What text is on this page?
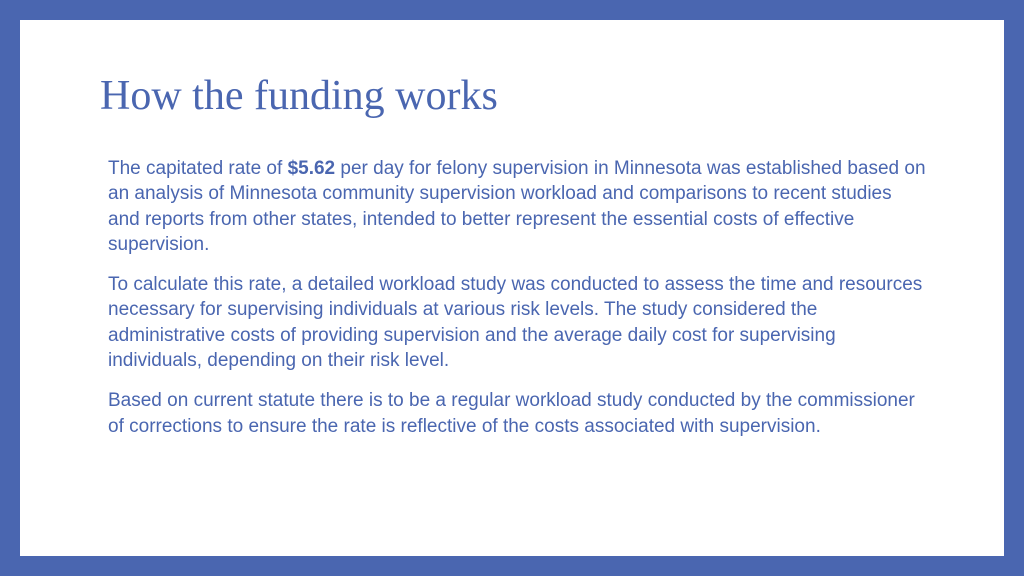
How the funding works

The capitated rate of $5.62 per day for felony supervision in Minnesota was established based on an analysis of Minnesota community supervision workload and comparisons to recent studies and reports from other states, intended to better represent the essential costs of effective supervision.

To calculate this rate, a detailed workload study was conducted to assess the time and resources necessary for supervising individuals at various risk levels. The study considered the administrative costs of providing supervision and the average daily cost for supervising individuals, depending on their risk level.

Based on current statute there is to be a regular workload study conducted by the commissioner of corrections to ensure the rate is reflective of the costs associated with supervision.
